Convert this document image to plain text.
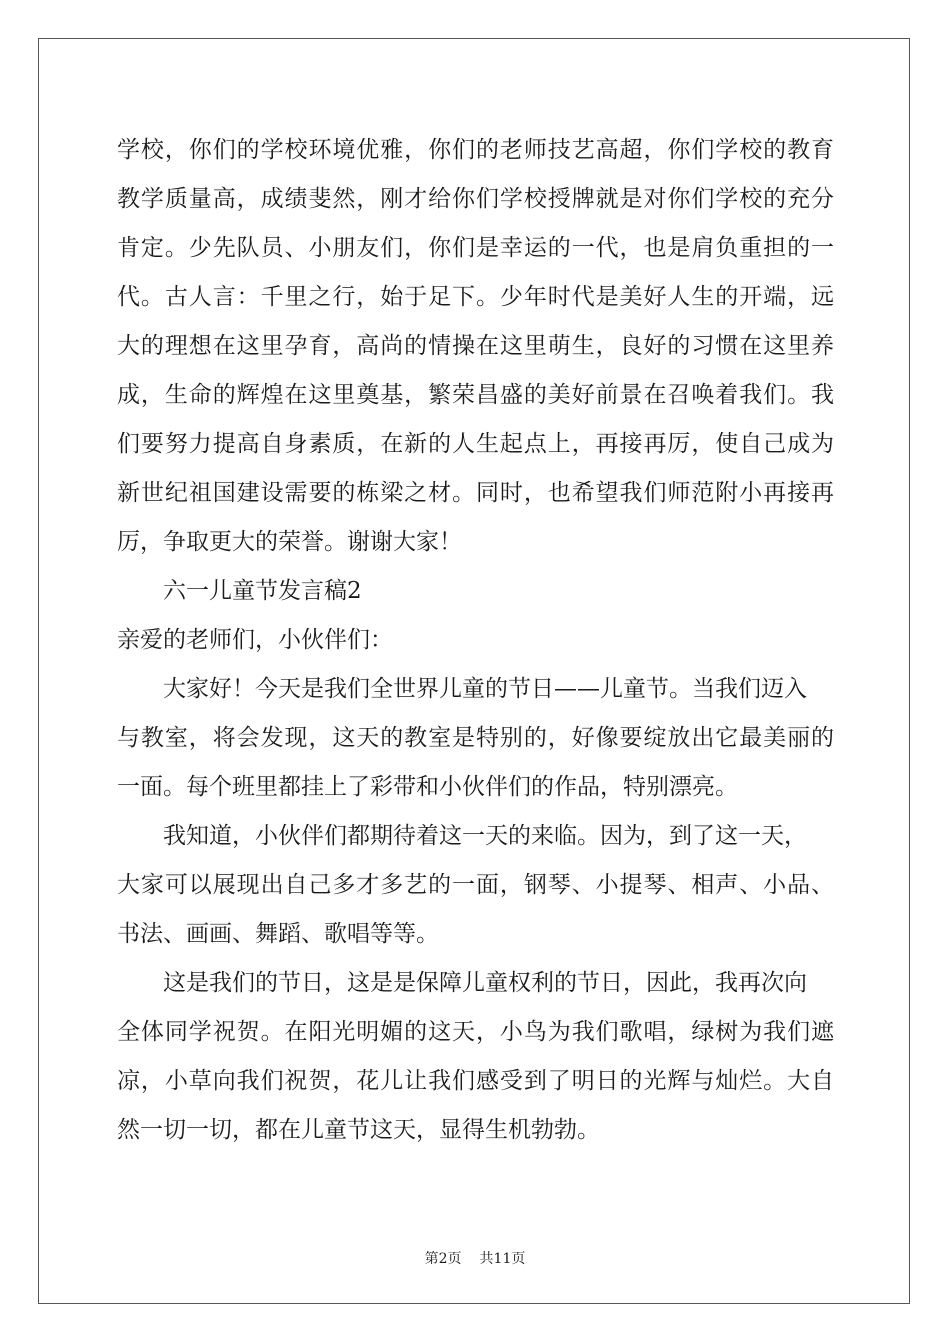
学校，你们的学校环境优雅，你们的老师技艺高超，你们学校的教育
教学质量高，成绩斐然，刚才给你们学校授牌就是对你们学校的充分
肯定。少先队员、小朋友们，你们是幸运的一代，也是肩负重担的一
代。古人言：千里之行，始于足下。少年时代是美好人生的开端，远
大的理想在这里孕育，高尚的情操在这里萌生，良好的习惯在这里养
成，生命的辉煌在这里奠基，繁荣昌盛的美好前景在召唤着我们。我
们要努力提高自身素质，在新的人生起点上，再接再厉，使自己成为
新世纪祖国建设需要的栋梁之材。同时，也希望我们师范附小再接再
厉，争取更大的荣誉。谢谢大家！
六一儿童节发言稿2
亲爱的老师们，小伙伴们：
大家好！今天是我们全世界儿童的节日——儿童节。当我们迈入
与教室，将会发现，这天的教室是特别的，好像要绽放出它最美丽的
一面。每个班里都挂上了彩带和小伙伴们的作品，特别漂亮。
我知道，小伙伴们都期待着这一天的来临。因为，到了这一天，
大家可以展现出自己多才多艺的一面，钢琴、小提琴、相声、小品、
书法、画画、舞蹈、歌唱等等。
这是我们的节日，这是是保障儿童权利的节日，因此，我再次向
全体同学祝贺。在阳光明媚的这天，小鸟为我们歌唱，绿树为我们遮
凉，小草向我们祝贺，花儿让我们感受到了明日的光辉与灿烂。大自
然一切一切，都在儿童节这天，显得生机勃勃。
第2页 共11页
